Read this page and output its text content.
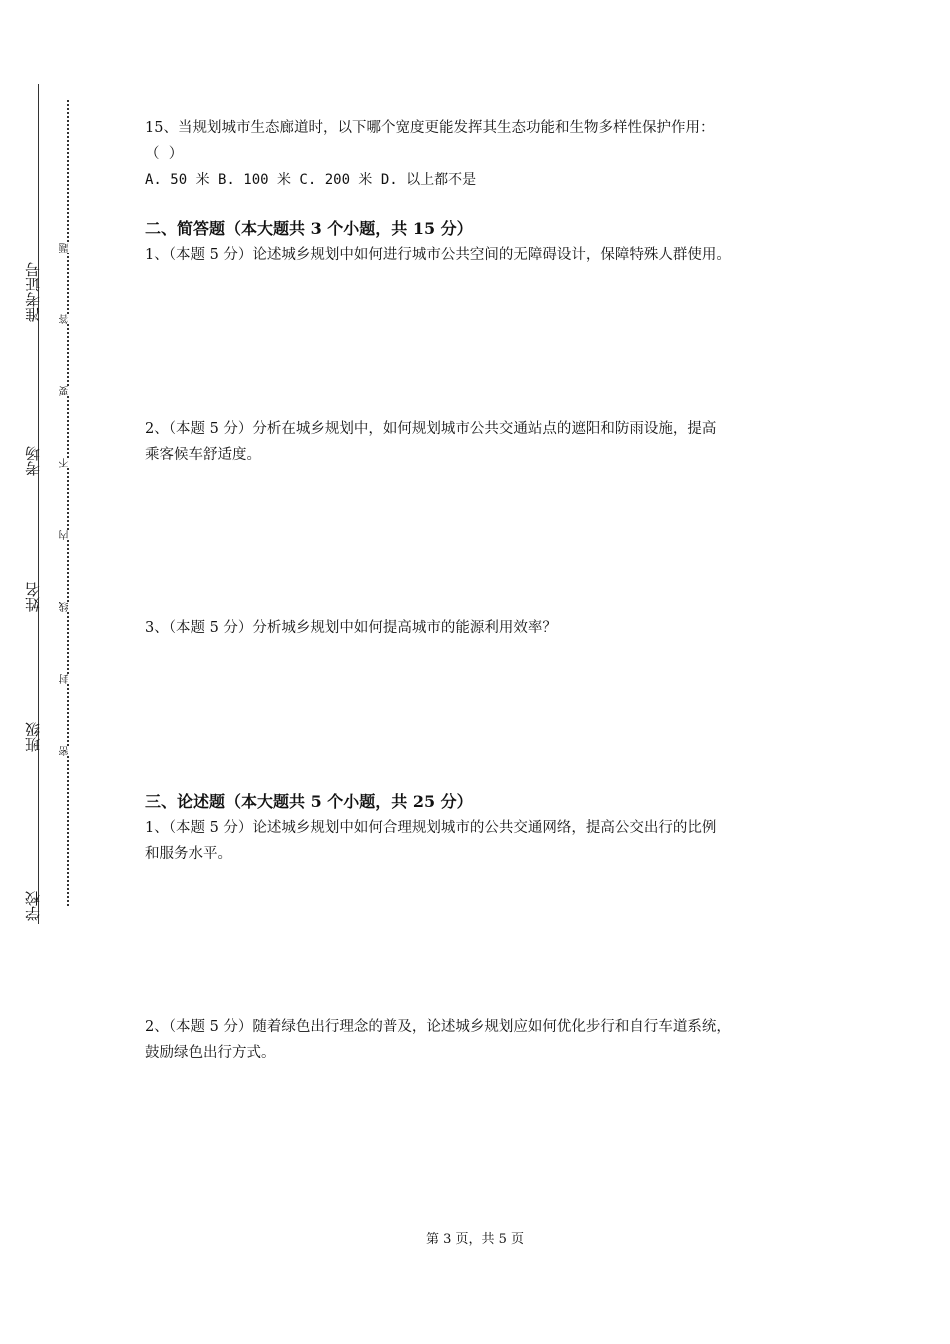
准考证号
考场
姓名
班级
学校
题
答
要
不
内
线
封
密
15、当规划城市生态廊道时，以下哪个宽度更能发挥其生态功能和生物多样性保护作用：
（  ）
A. 50 米 B. 100 米 C. 200 米 D. 以上都不是
二、简答题（本大题共 3 个小题，共 15 分）
1、（本题 5 分）论述城乡规划中如何进行城市公共空间的无障碍设计，保障特殊人群使用。
2、（本题 5 分）分析在城乡规划中，如何规划城市公共交通站点的遮阳和防雨设施，提高
乘客候车舒适度。
3、（本题 5 分）分析城乡规划中如何提高城市的能源利用效率？
三、论述题（本大题共 5 个小题，共 25 分）
1、（本题 5 分）论述城乡规划中如何合理规划城市的公共交通网络，提高公交出行的比例
和服务水平。
2、（本题 5 分）随着绿色出行理念的普及，论述城乡规划应如何优化步行和自行车道系统，
鼓励绿色出行方式。
第 3 页，共 5 页
